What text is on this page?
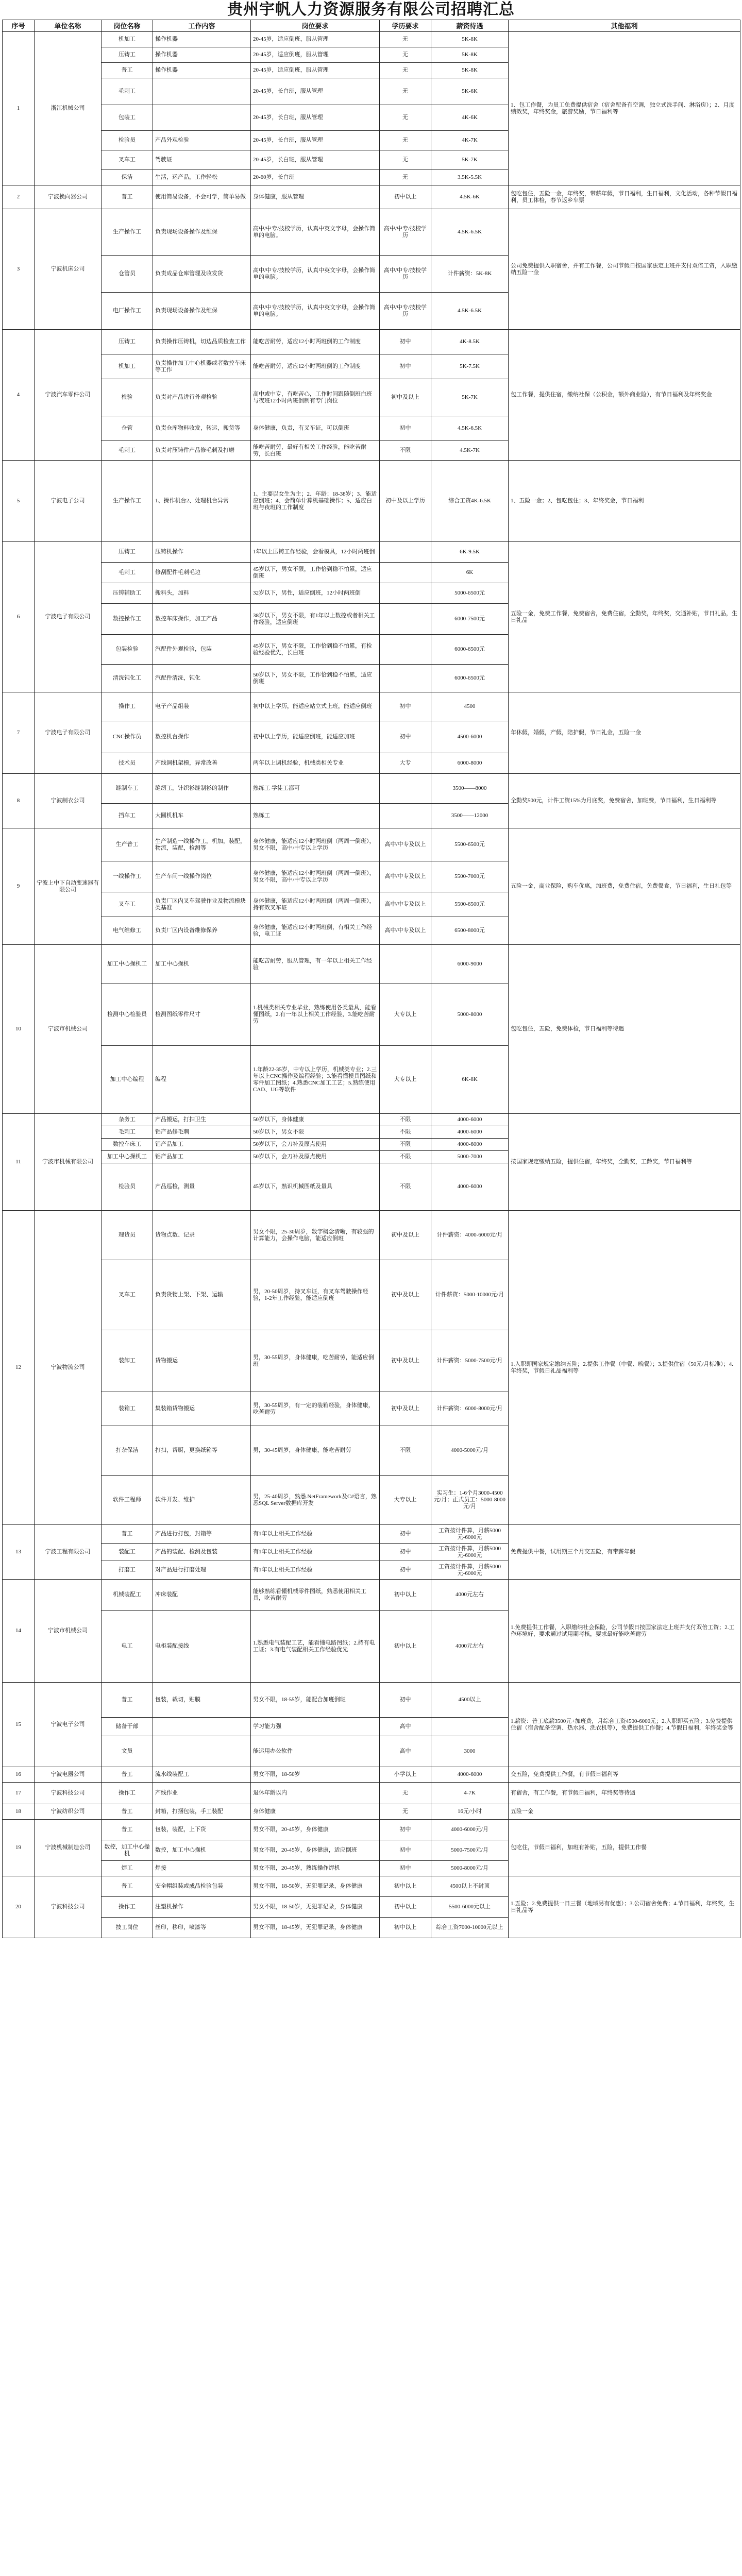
贵州宇帆人力资源服务有限公司招聘汇总
序号	单位名称	岗位名称	工作内容	岗位要求	学历要求	薪资待遇	其他福利
1	浙江机械公司	机加工	操作机器	20-45岁，适应倒班，服从管理	无	5K-8K	1、包工作餐，为员工免费提供宿舍（宿舍配备有空调，独立式洗手间、淋浴房）；2、月度绩效奖，年终奖金，旅游奖励，节日福利等
		压铸工	操作机器	20-45岁，适应倒班，服从管理	无	5K-8K	
		普工	操作机器	20-45岁，适应倒班，服从管理	无	5K-8K	
		毛刺工		20-45岁，长白班，服从管理	无	5K-6K	
		包装工		20-45岁，长白班，服从管理	无	4K-6K	
		检验员	产品外观检验	20-45岁，长白班，服从管理	无	4K-7K	
		叉车工	驾驶证	20-45岁，长白班，服从管理	无	5K-7K	
		保洁	生活，运产品，工作轻松	20-60岁，长白班	无	3.5K-5.5K	
2	宁波换向器公司	普工	使用简易设备，不会可学，简单易做	身体健康，服从管理	初中以上	4.5K-6K	包吃包住，五险一金，年终奖，带薪年假，节日福利，生日福利，文化活动，各种节假日福利，员工体检，春节返乡车票
3	宁波机床公司	生产操作工	负责现场设备操作及维保	高中/中专/技校学历，认真中英文字母，会操作简单的电脑。	高中/中专/技校学历	4.5K-6.5K	公司免费提供入职宿舍，并有工作餐，公司节假日按国家法定上班并支付双倍工资，入职缴纳五险一金
		仓管员	负责成品仓库管理及收发货	高中/中专/技校学历，认真中英文字母，会操作简单的电脑。	高中/中专/技校学历	计件薪资：5K-8K	
		电厂操作工	负责现场设备操作及维保	高中/中专/技校学历，认真中英文字母，会操作简单的电脑。	高中/中专/技校学历	4.5K-6.5K	
4	宁波汽车零件公司	压铸工	负责操作压铸机，切边品质检查工作	能吃苦耐劳，适应12小时两班倒的工作制度	初中	4K-8.5K	包工作餐，提供住宿，缴纳社保（公积金，额外商业险），有节日福利及年终奖金
		机加工	负责操作加工中心机器或者数控车床等工作	能吃苦耐劳，适应12小时两班倒的工作制度	初中	5K-7.5K	
		检验	负责对产品进行外观检验	高中或中专，有吃苦心，工作时间跟随倒班白班与夜班12小时两班倒制有专门岗位	初中及以上	5K-7K	
		仓管	负责仓库物料收发，转运，搬货等	身体健康，负责，有叉车证，可以倒班	初中	4.5K-6.5K	
		毛刺工	负责对压铸件产品修毛刺及打磨	能吃苦耐劳，最好有相关工作经验，能吃苦耐劳，长白班	不限	4.5K-7K	
5	宁波电子公司	生产操作工	1、操作机台2、处理机台异常	1、主要以女生为主；2、年龄：18-38岁；3、能适应倒班；4、会简单计算机基础操作；5、适应白班与夜班的工作制度	初中及以上学历	综合工资4K-6.5K	1、五险一金；2、包吃包住；3、年终奖金，节日福利
6	宁波电子有限公司	压铸工	压铸机操作	1年以上压铸工作经验，会看模具，12小时两班倒		6K-9.5K	五险一金，免费工作餐，免费宿舍，免费住宿，全勤奖，年终奖，交通补贴，节日礼品，生日礼品
		毛刺工	修刮配件毛刺毛边	45岁以下，男女不限，工作恰到稳不怕累，适应倒班		6K	
		压铸辅助工	搬料头，加料	32岁以下，男性，适应倒班，12小时两班倒		5000-6500元	
		数控操作工	数控车床操作，加工产品	38岁以下，男女不限，有1年以上数控或者相关工作经验，适应倒班		6000-7500元	
		包装检验	汽配件外观检验，包装	45岁以下，男女不限，工作恰到稳不怕累，有检验经验优先，长白班		6000-6500元	
		清洗钝化工	汽配件清洗，钝化	50岁以下，男女不限，工作恰到稳不怕累，适应倒班		6000-6500元	
7	宁波电子有限公司	操作工	电子产品组装	初中以上学历，能适应站立式上班，能适应倒班	初中	4500	年休假，婚假，产假，陪护假，节日礼金，五险一金
		CNC操作员	数控机台操作	初中以上学历，能适应倒班，能适应加班	初中	4500-6000	
		技术员	产线调机架模，异常改善	两年以上调机经验，机械类相关专业	大专	6000-8000	
8	宁波制衣公司	缝制车工	缝纫工，针织衫缝制衫的制作	熟练工 学徒工都可		3500——8000	全勤奖500元，计件工资15%为月底奖，免费宿舍，加班费，节日福利，生日福利等
		挡车工	大圆机机车	熟练工		3500——12000	
9	宁波上中下自动变速器有限公司	生产普工	生产制造一线操作工，机加，装配，物流，装配，检测等	身体健康，能适应12小时两班倒（两周一倒班），男女不限，高中/中专以上学历	高中/中专及以上	5500-6500元	五险一金，商业保险，购车优惠，加班费，免费住宿，免费餐食，节日福利，生日礼包等
		一线操作工	生产车间一线操作岗位	身体健康，能适应12小时两班倒（两周一倒班），男女不限，高中/中专以上学历	高中/中专及以上	5500-7000元	
		叉车工	负责厂区内叉车驾驶作业及物流模块类基准	身体健康，能适应12小时两班倒（两周一倒班），持有效叉车证	高中/中专及以上	5500-6500元	
		电气维修工	负责厂区内设备维修保养	身体健康，能适应12小时两班倒，有相关工作经验，电工证	高中/中专及以上	6500-8000元	
10	宁波市机械公司	加工中心操机工	加工中心操机	能吃苦耐劳，服从管理，有一年以上相关工作经验		6000-9000	包吃包住，五险，免费体检，节日福利等待遇
		检测中心检验员	检测图纸零件尺寸	1.机械类相关专业毕业，熟练使用各类量具，能看懂图纸，2.有一年以上相关工作经验，3.能吃苦耐劳	大专以上	5000-8000	
		加工中心编程	编程	1.年龄22-35岁，中专以上学历，机械类专业；2.三年以上CNC操作及编程经验；3.能看懂模具图纸和零件加工图纸；4.熟悉CNC加工工艺；5.熟练使用CAD、UG等软件	大专以上	6K-8K	
11	宁波市机械有限公司	杂务工	产品搬运，打扫卫生	50岁以下，身体健康	不限	4000-6000	按国家规定缴纳五险，提供住宿，年终奖，全勤奖，工龄奖，节日福利等
		毛刺工	铝产品修毛刺	50岁以下，男女不限	不限	4000-6000	
		数控车床工	铝产品加工	50岁以下，会刀补及原点使用	不限	4000-6000	
		加工中心操机工	铝产品加工	50岁以下，会刀补及原点使用	不限	5000-7000	
		检验员	产品巡检，测量	45岁以下，熟识机械图纸及量具	不限	4000-6000	
12	宁波物流公司	理货员	货物点数、记录	男女不限，25-30周岁，数字概念清晰，有较强的计算能力，会操作电脑，能适应倒班	初中及以上	计件薪资：4000-6000元/月	1.入职即国家规定缴纳五险；2.提供工作餐（中餐、晚餐）；3.提供住宿（50元/月标准）；4.年终奖，节假日礼品福利等
		叉车工	负责货物上架、下架、运输	男，20-50周岁，持叉车证，有叉车驾驶操作经验，1-2年工作经验，能适应倒班	初中及以上	计件薪资：5000-10000元/月	
		装卸工	货物搬运	男，30-55周岁，身体健康，吃苦耐劳，能适应倒班	初中及以上	计件薪资：5000-7500元/月	
		装箱工	集装箱货物搬运	男，30-55周岁，有一定的装箱经验，身体健康，吃苦耐劳	初中及以上	计件薪资：6000-8000元/月	
		打杂保洁	打扫，帮厨，更换纸箱等	男，30-45周岁，身体健康，能吃苦耐劳	不限	4000-5000元/月	
		软件工程师	软件开发、维护	男，25-40周岁，熟悉.NetFramework及C#语言，熟悉SQL Server数据库开发	大专以上	实习生：1-6个月3000-4500元/月；正式员工：5000-8000元/月	
13	宁波工程有限公司	普工	产品进行打包，封箱等	有1年以上相关工作经验	初中	工资按计件算，月薪5000元-6000元	免费提供中餐，试用期三个月交五险，有带薪年假
		装配工	产品的装配、检测及包装	有1年以上相关工作经验	初中	工资按计件算，月薪5000元-6000元	
		打磨工	对产品进行打磨处理	有1年以上相关工作经验	初中	工资按计件算，月薪5000元-6000元	
14	宁波市机械公司	机械装配工	冲床装配	能够熟练看懂机械零件图纸，熟悉使用相关工具，吃苦耐劳	初中以上	4000元左右	1.免费提供工作餐，入职缴纳社会保险，公司节假日按国家法定上班并支付双倍工资；2.工作环境好，要求通过试用期考核，要求最好能吃苦耐劳
		电工	电柜装配接线	1.熟悉电气装配工艺，能看懂电路图纸；2.持有电工证；3.有电气装配相关工作经验优先	初中以上	4000元左右	
15	宁波电子公司	普工	包装，裁切，贴膜	男女不限，18-55岁，能配合加班倒班	初中	4500以上	1.薪资：普工底薪3500元+加班费，月综合工资4500-6000元；2.入职即买五险；3.免费提供住宿（宿舍配备空调、热水器、洗衣机等），免费提供工作餐；4.节假日福利，年终奖金等
		储备干部		学习能力强	高中		
		文员		能运用办公软件	高中	3000	
16	宁波电器公司	普工	流水线装配工	男女不限，18-50岁	小学以上	4000-6000	交五险，免费提供工作餐，有节假日福利等
17	宁波科技公司	操作工	产线作业	退休年龄以内	无	4-7K	有宿舍，有工作餐，有节假日福利，年终奖等待遇
18	宁波纺织公司	普工	封箱，打捆包装，手工装配	身体健康	无	16元/小时	五险一金
19	宁波机械制造公司	普工	包装，装配，上下货	男女不限，20-45岁，身体健康	初中	4000-6000元/月	包吃住，节假日福利，加班有补贴，五险，提供工作餐
		数控，加工中心操机	数控，加工中心操机	男女不限，20-45岁，身体健康，适应倒班	初中	5000-7500元/月	
		焊工	焊接	男女不限，20-45岁，熟练操作焊机	初中	5000-8000元/月	
20	宁波科技公司	普工	安全帽组装或成品检验包装	男女不限，18-50岁，无犯罪记录，身体健康	初中以上	4500以上不封顶	1.五险；2.免费提供一日三餐（地域另有优惠）；3.公司宿舍免费；4.节日福利，年终奖，生日礼品等
		操作工	注塑机操作	男女不限，18-50岁，无犯罪记录，身体健康	初中以上	5500-6000元以上	
		技工岗位	丝印，移印，喷漆等	男女不限，18-45岁，无犯罪记录，身体健康	初中以上	综合工资7000-10000元以上	
